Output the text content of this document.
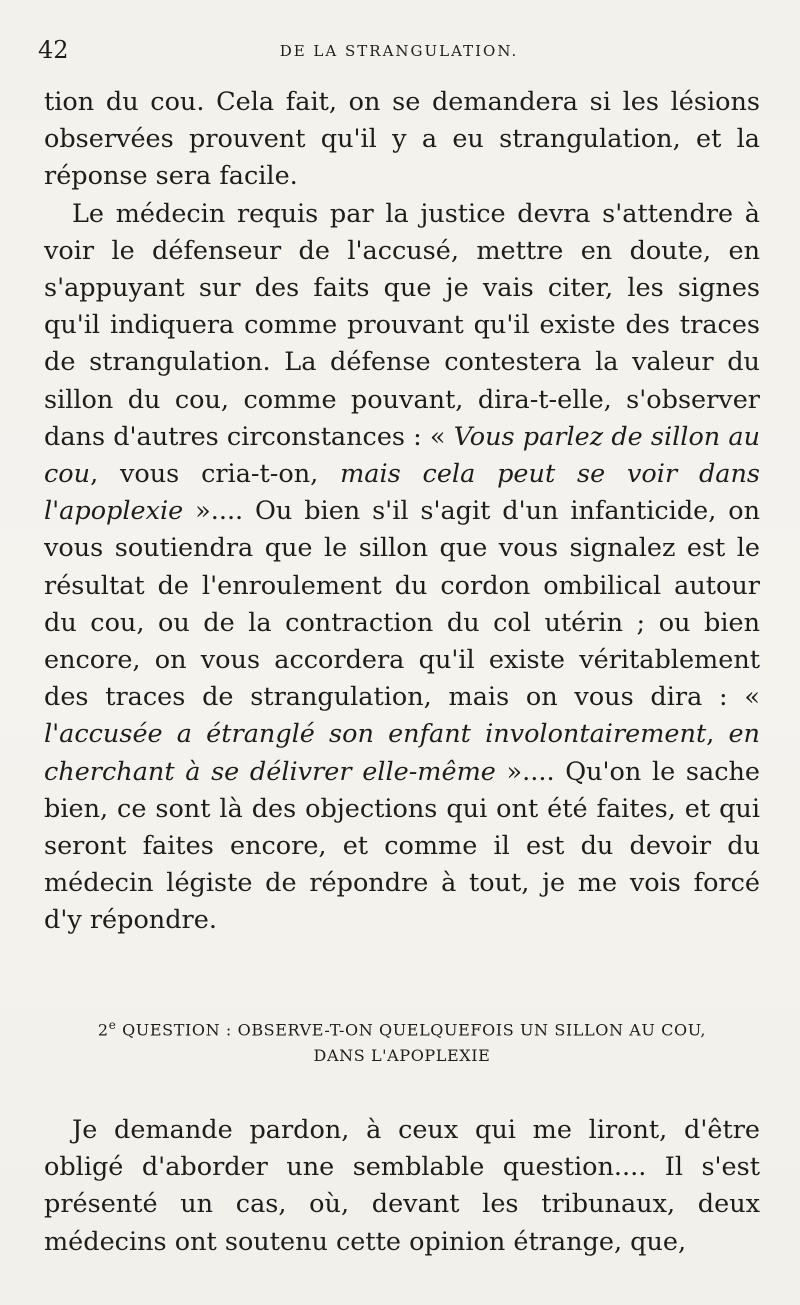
42	DE LA STRANGULATION.

tion du cou. Cela fait, on se demandera si les lésions observées prouvent qu'il y a eu strangulation, et la réponse sera facile.

Le médecin requis par la justice devra s'attendre à voir le défenseur de l'accusé, mettre en doute, en s'appuyant sur des faits que je vais citer, les signes qu'il indiquera comme prouvant qu'il existe des traces de strangulation. La défense contestera la valeur du sillon du cou, comme pouvant, dira-t-elle, s'observer dans d'autres circonstances : « Vous parlez de sillon au cou, vous cria-t-on, mais cela peut se voir dans l'apoplexie ».... Ou bien s'il s'agit d'un infanticide, on vous soutiendra que le sillon que vous signalez est le résultat de l'enroulement du cordon ombilical autour du cou, ou de la contraction du col utérin ; ou bien encore, on vous accordera qu'il existe véritablement des traces de strangulation, mais on vous dira : « l'accusée a étranglé son enfant involontairement, en cherchant à se délivrer elle-même ».... Qu'on le sache bien, ce sont là des objections qui ont été faites, et qui seront faites encore, et comme il est du devoir du médecin légiste de répondre à tout, je me vois forcé d'y répondre.

2e QUESTION : OBSERVE-T-ON QUELQUEFOIS UN SILLON AU COU,
DANS L'APOPLEXIE

Je demande pardon, à ceux qui me liront, d'être obligé d'aborder une semblable question.... Il s'est présenté un cas, où, devant les tribunaux, deux médecins ont soutenu cette opinion étrange, que,
